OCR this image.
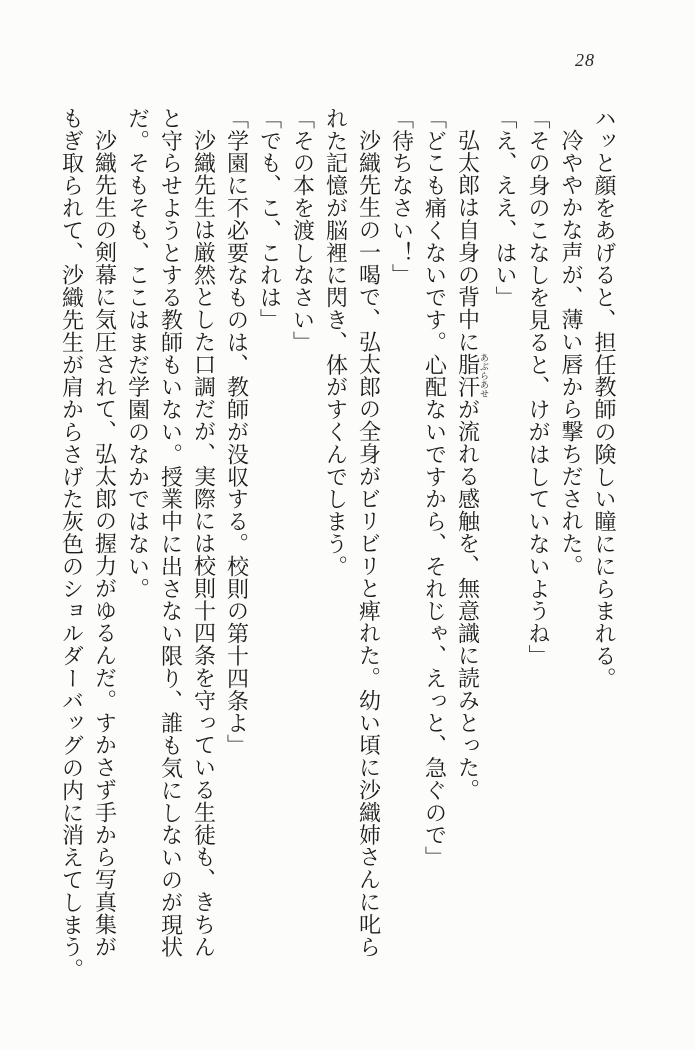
28
ハッと顔をあげると、担任教師の険しい瞳ににらまれる。
冷ややかな声が、薄い唇から撃ちだされた。
「その身のこなしを見ると、けがはしていないようね」
「え、ええ、はい」
弘太郎は自身の背中に脂汗あぶらあせが流れる感触を、無意識に読みとった。
「どこも痛くないです。心配ないですから、それじゃ、えっと、急ぐので」
「待ちなさい！」
沙織先生の一喝で、弘太郎の全身がビリビリと痺れた。幼い頃に沙織姉さんに叱ら
れた記憶が脳裡に閃き、体がすくんでしまう。
「その本を渡しなさい」
「でも、こ、これは」
「学園に不必要なものは、教師が没収する。校則の第十四条よ」
沙織先生は厳然とした口調だが、実際には校則十四条を守っている生徒も、きちん
と守らせようとする教師もいない。授業中に出さない限り、誰も気にしないのが現状
だ。そもそも、ここはまだ学園のなかではない。
沙織先生の剣幕に気圧されて、弘太郎の握力がゆるんだ。すかさず手から写真集が
もぎ取られて、沙織先生が肩からさげた灰色のショルダーバッグの内に消えてしまう。
